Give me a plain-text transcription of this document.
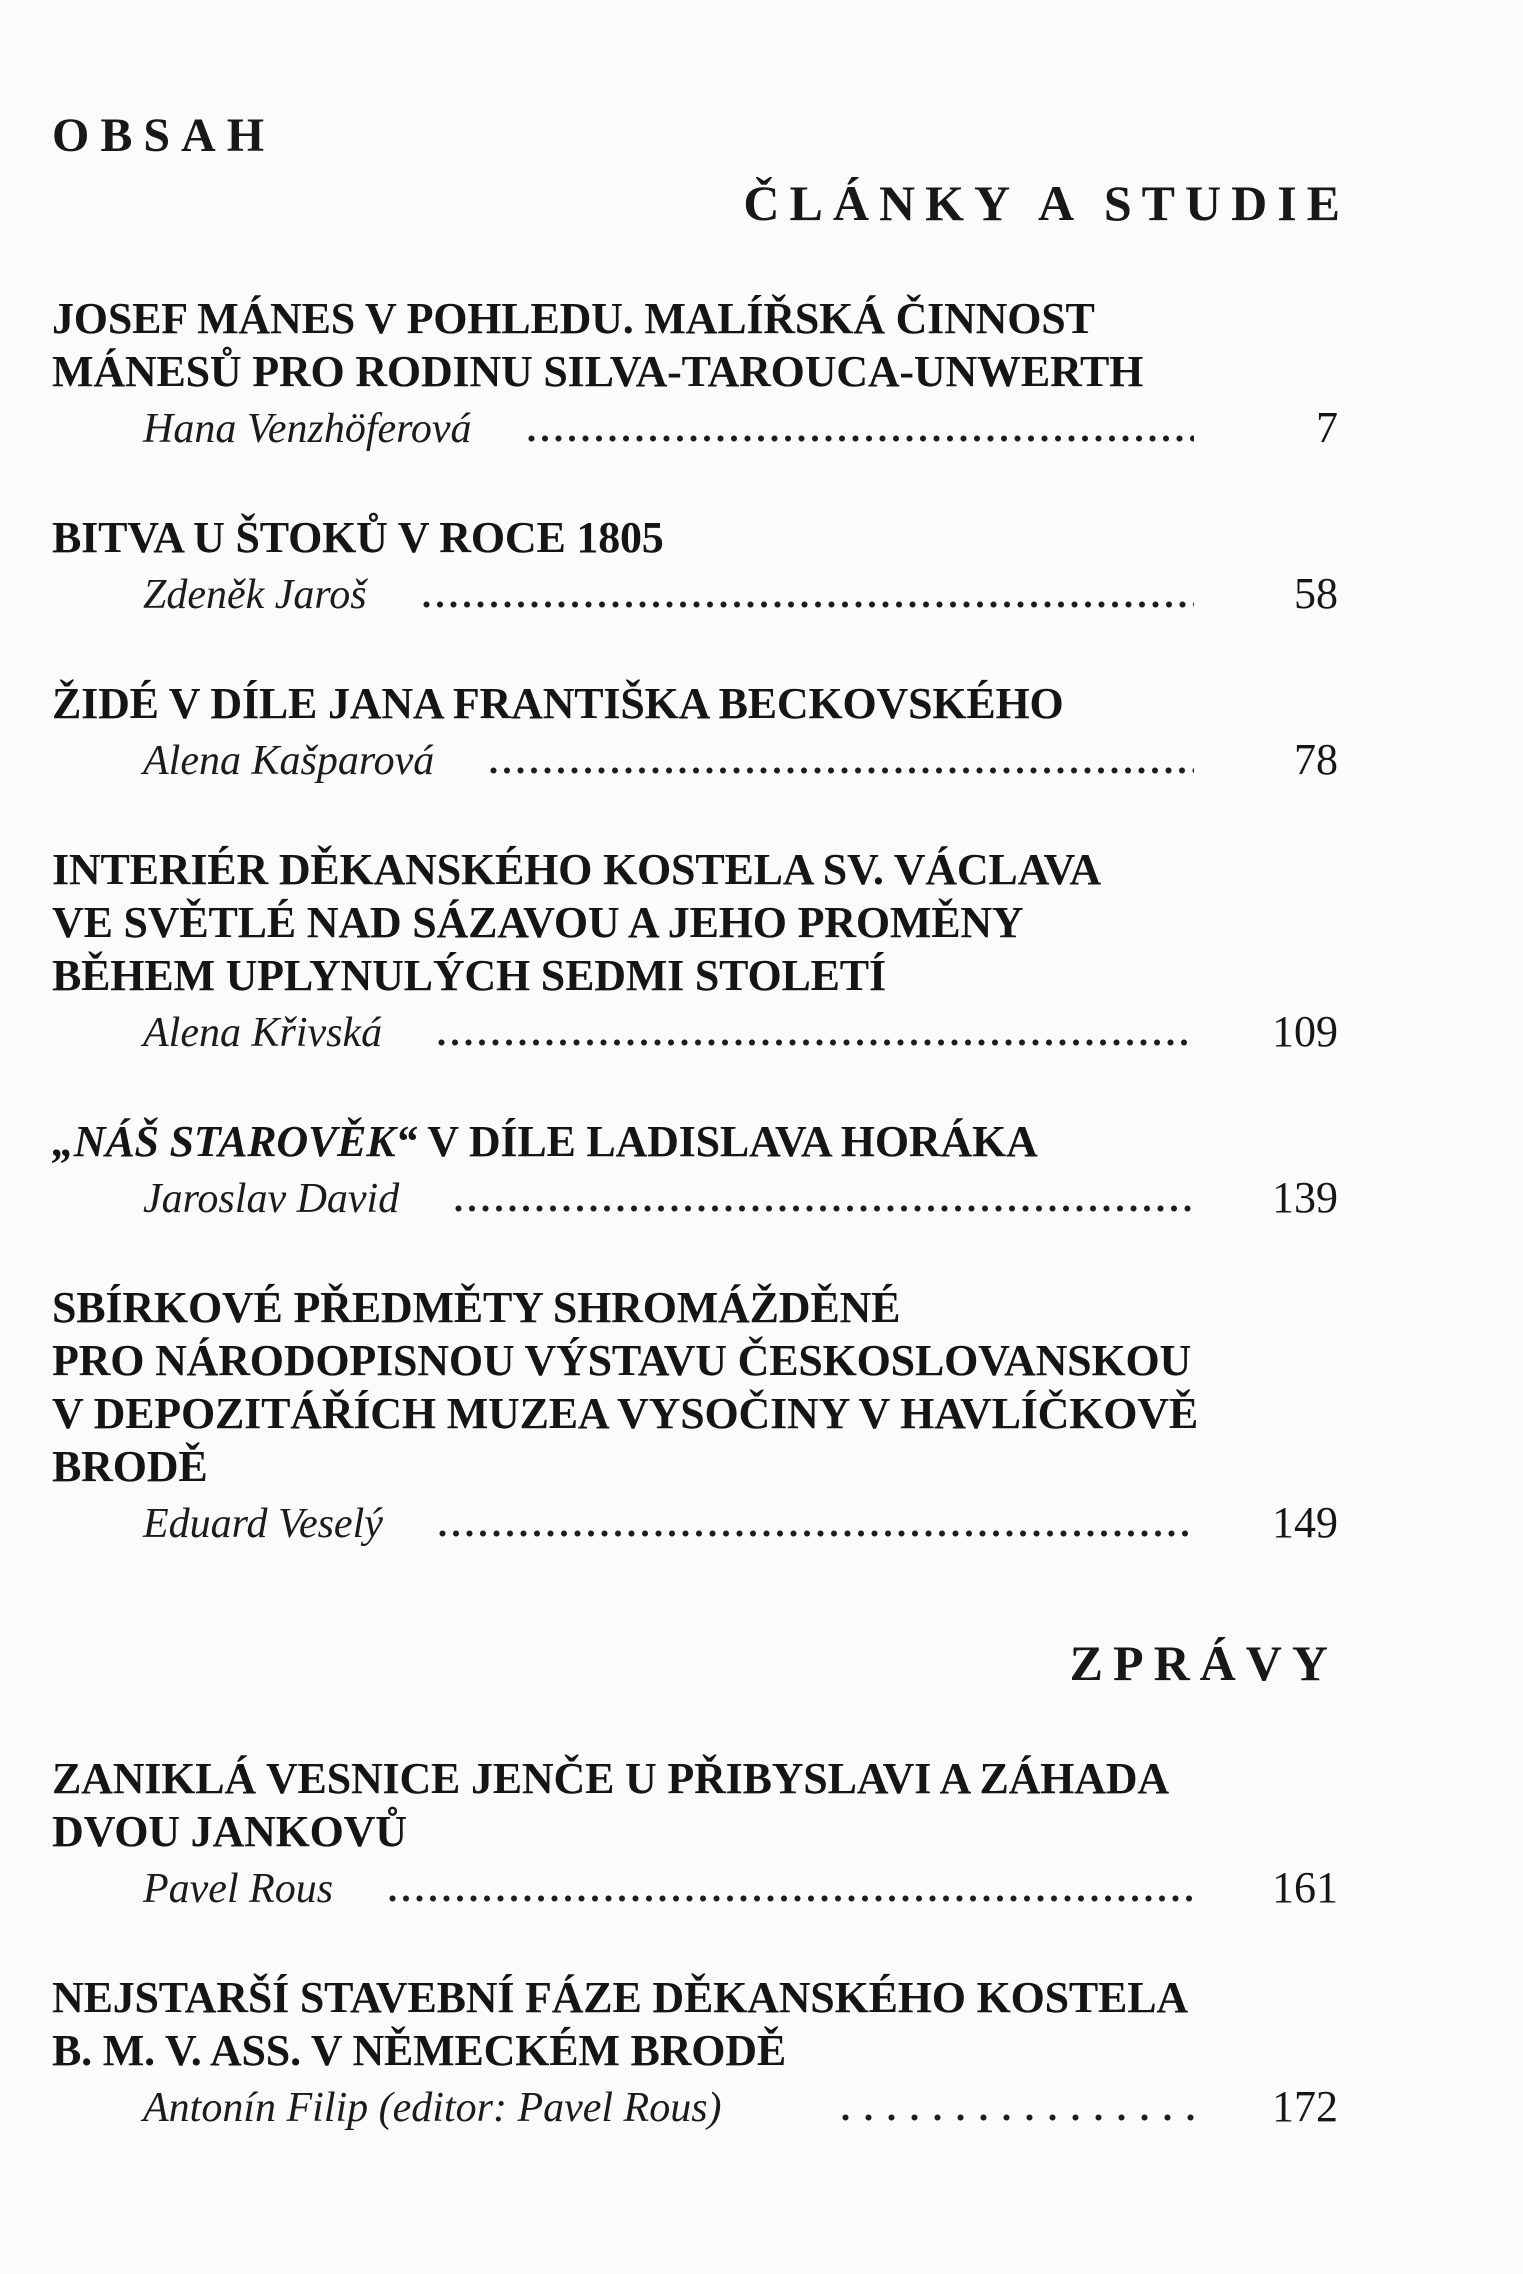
OBSAH
ČLÁNKY A STUDIE
JOSEF MÁNES V POHLEDU. MALÍŘSKÁ ČINNOST
MÁNESŮ PRO RODINU SILVA-TAROUCA-UNWERTH
Hana Venzhöferová	7
BITVA U ŠTOKŮ V ROCE 1805
Zdeněk Jaroš	58
ŽIDÉ V DÍLE JANA FRANTIŠKA BECKOVSKÉHO
Alena Kašparová	78
INTERIÉR DĚKANSKÉHO KOSTELA SV. VÁCLAVA
VE SVĚTLÉ NAD SÁZAVOU A JEHO PROMĚNY
BĚHEM UPLYNULÝCH SEDMI STOLETÍ
Alena Křivská	109
„NÁŠ STAROVĚK“ V DÍLE LADISLAVA HORÁKA
Jaroslav David	139
SBÍRKOVÉ PŘEDMĚTY SHROMÁŽDĚNÉ
PRO NÁRODOPISNOU VÝSTAVU ČESKOSLOVANSKOU
V DEPOZITÁŘÍCH MUZEA VYSOČINY V HAVLÍČKOVĚ
BRODĚ
Eduard Veselý	149
ZPRÁVY
ZANIKLÁ VESNICE JENČE U PŘIBYSLAVI A ZÁHADA
DVOU JANKOVŮ
Pavel Rous	161
NEJSTARŠÍ STAVEBNÍ FÁZE DĚKANSKÉHO KOSTELA
B. M. V. ASS. V NĚMECKÉM BRODĚ
Antonín Filip (editor: Pavel Rous)	172
